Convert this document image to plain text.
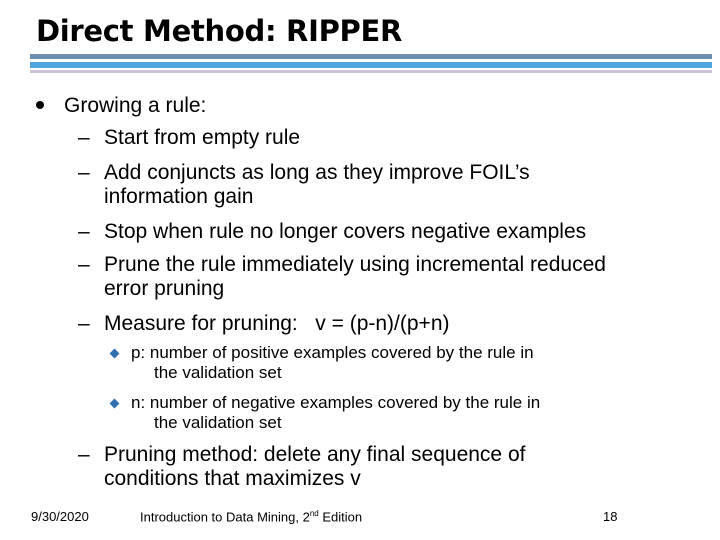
Direct Method: RIPPER
Growing a rule:
– Start from empty rule
– Add conjuncts as long as they improve FOIL’s
information gain
– Stop when rule no longer covers negative examples
– Prune the rule immediately using incremental reduced
error pruning
– Measure for pruning:   v = (p-n)/(p+n)
p: number of positive examples covered by the rule in
the validation set
n: number of negative examples covered by the rule in
the validation set
– Pruning method: delete any final sequence of
conditions that maximizes v
9/30/2020	Introduction to Data Mining, 2nd Edition	18
